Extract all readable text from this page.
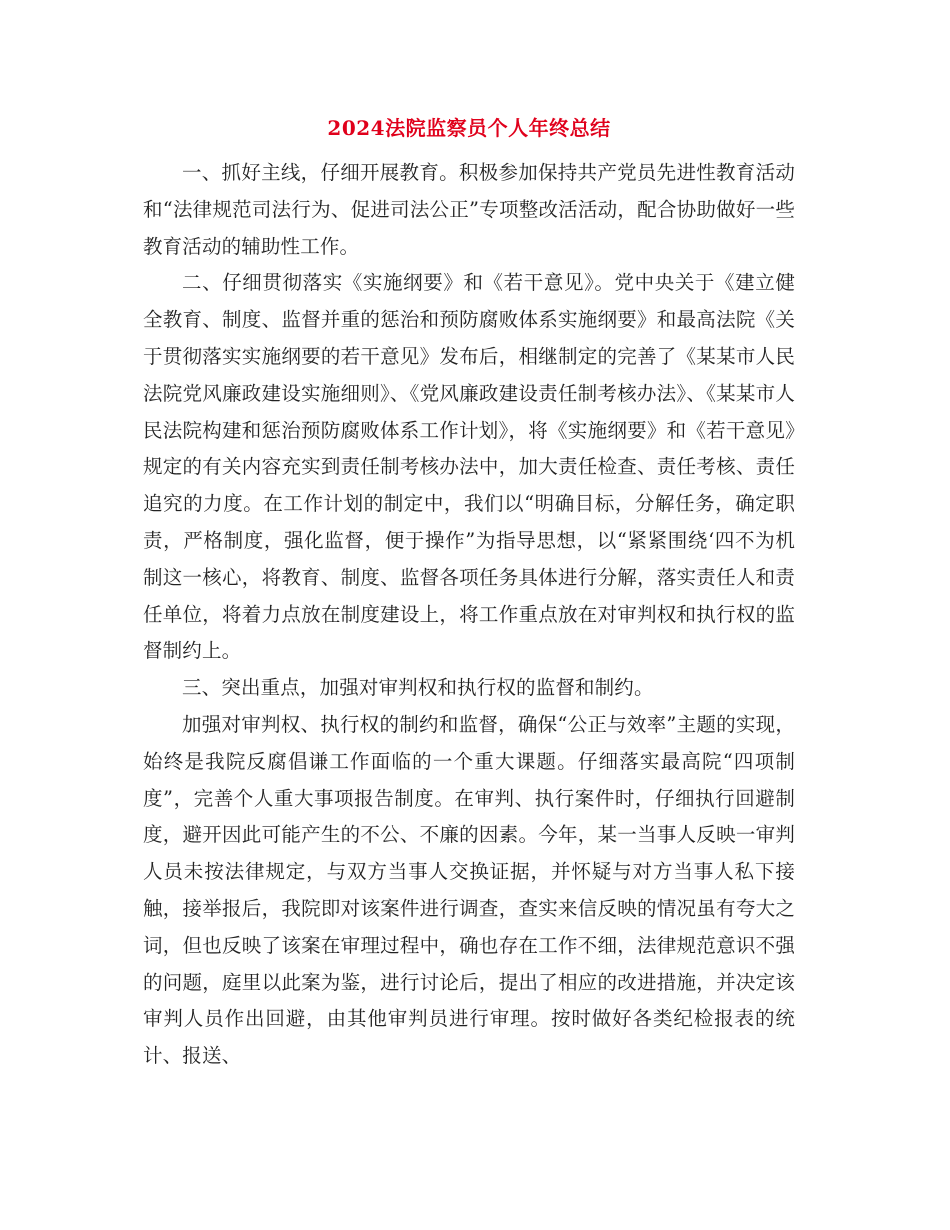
2024法院监察员个人年终总结

一、抓好主线，仔细开展教育。积极参加保持共产党员先进性教育活动和“法律规范司法行为、促进司法公正”专项整改活活动，配合协助做好一些教育活动的辅助性工作。

二、仔细贯彻落实《实施纲要》和《若干意见》。党中央关于《建立健全教育、制度、监督并重的惩治和预防腐败体系实施纲要》和最高法院《关于贯彻落实实施纲要的若干意见》发布后，相继制定的完善了《某某市人民法院党风廉政建设实施细则》、《党风廉政建设责任制考核办法》、《某某市人民法院构建和惩治预防腐败体系工作计划》，将《实施纲要》和《若干意见》规定的有关内容充实到责任制考核办法中，加大责任检查、责任考核、责任追究的力度。在工作计划的制定中，我们以“明确目标，分解任务，确定职责，严格制度，强化监督，便于操作”为指导思想，以“紧紧围绕‘四不为机制这一核心，将教育、制度、监督各项任务具体进行分解，落实责任人和责任单位，将着力点放在制度建设上，将工作重点放在对审判权和执行权的监督制约上。

三、突出重点，加强对审判权和执行权的监督和制约。

加强对审判权、执行权的制约和监督，确保“公正与效率”主题的实现，始终是我院反腐倡谦工作面临的一个重大课题。仔细落实最高院“四项制度”，完善个人重大事项报告制度。在审判、执行案件时，仔细执行回避制度，避开因此可能产生的不公、不廉的因素。今年，某一当事人反映一审判人员未按法律规定，与双方当事人交换证据，并怀疑与对方当事人私下接触，接举报后，我院即对该案件进行调查，查实来信反映的情况虽有夸大之词，但也反映了该案在审理过程中，确也存在工作不细，法律规范意识不强的问题，庭里以此案为鉴，进行讨论后，提出了相应的改进措施，并决定该审判人员作出回避，由其他审判员进行审理。按时做好各类纪检报表的统计、报送、
